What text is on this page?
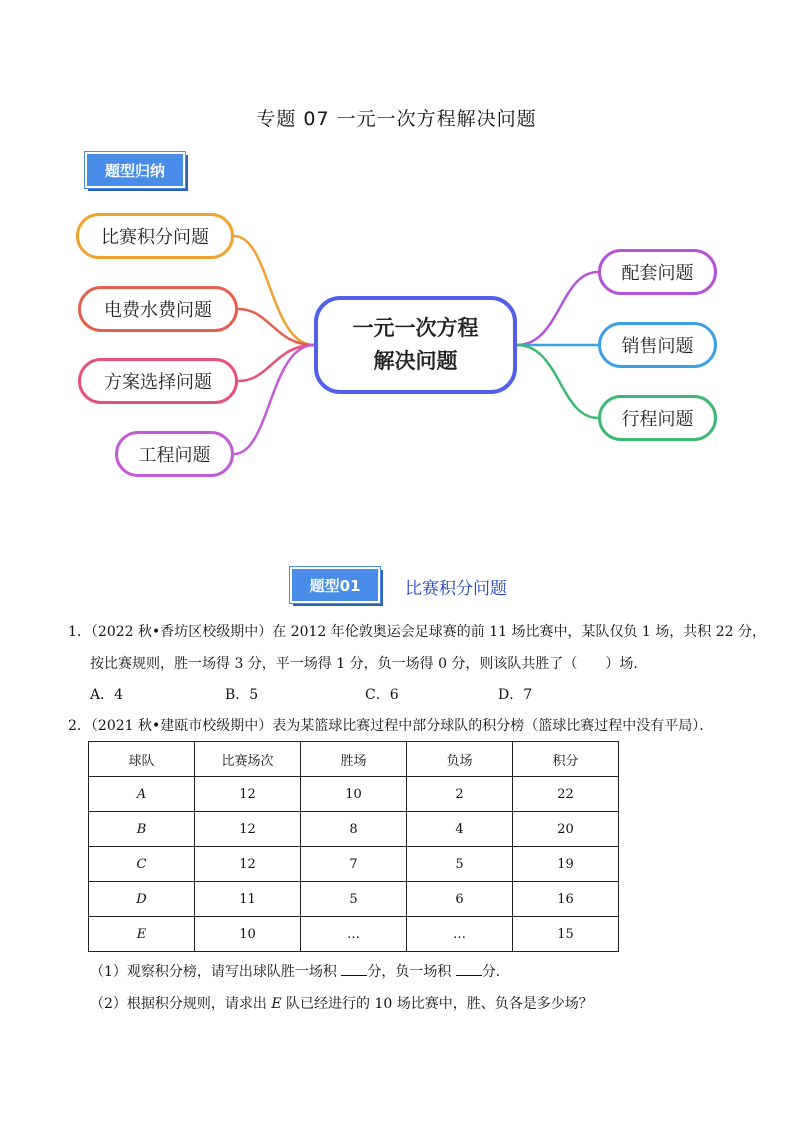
专题 07 一元一次方程解决问题
题型归纳
一元一次方程
解决问题
比赛积分问题
电费水费问题
方案选择问题
工程问题
配套问题
销售问题
行程问题
题型01	比赛积分问题
1．（2022 秋•香坊区校级期中）在 2012 年伦敦奥运会足球赛的前 11 场比赛中，某队仅负 1 场，共积 22 分，
按比赛规则，胜一场得 3 分，平一场得 1 分，负一场得 0 分，则该队共胜了（　　）场．
A．4	B．5	C．6	D．7
2．（2021 秋•建瓯市校级期中）表为某篮球比赛过程中部分球队的积分榜（篮球比赛过程中没有平局）．
球队	比赛场次	胜场	负场	积分
A	12	10	2	22
B	12	8	4	20
C	12	7	5	19
D	11	5	6	16
E	10	…	…	15
（1）观察积分榜，请写出球队胜一场积 分，负一场积 分．
（2）根据积分规则，请求出 E 队已经进行的 10 场比赛中，胜、负各是多少场？
